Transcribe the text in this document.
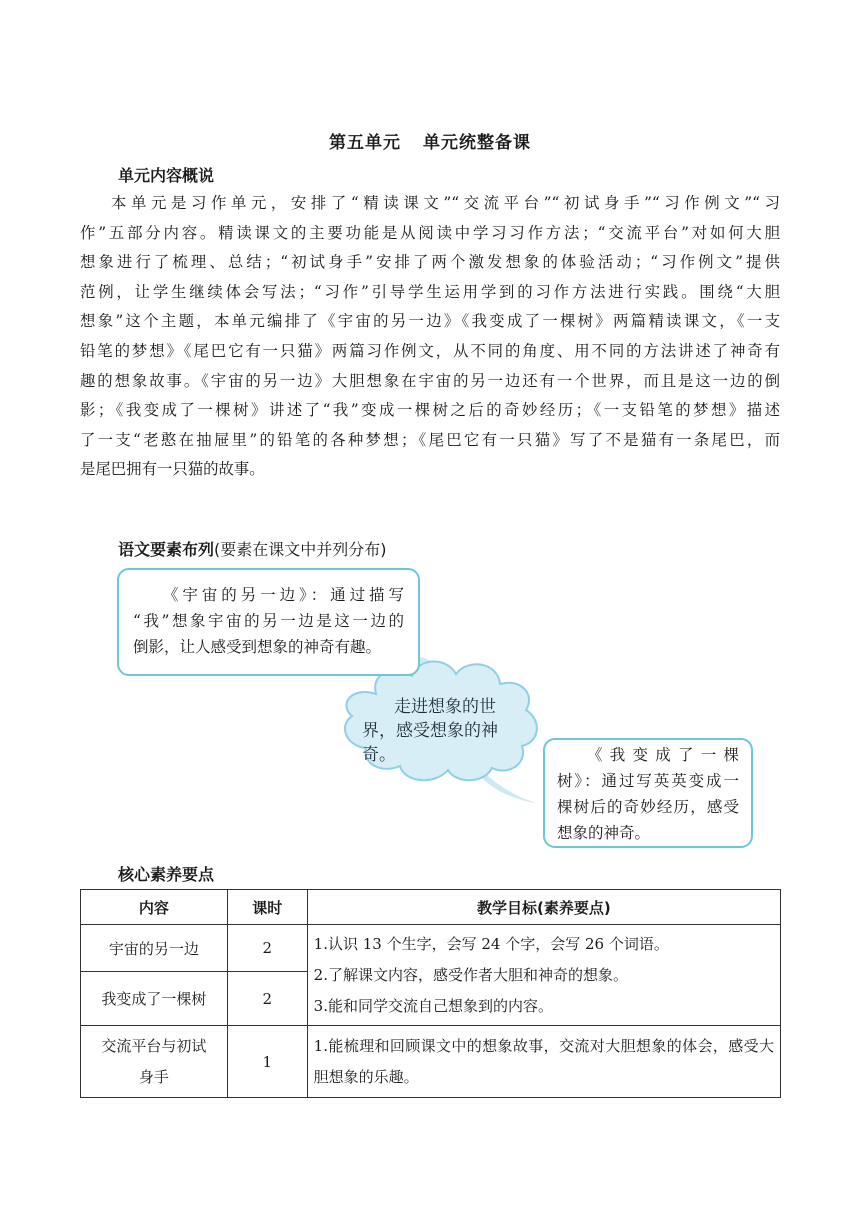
第五单元 单元统整备课
单元内容概说

本单元是习作单元，安排了“精读课文”“交流平台”“初试身手”“习作例文”“习
作”五部分内容。精读课文的主要功能是从阅读中学习习作方法；“交流平台”对如何大胆
想象进行了梳理、总结；“初试身手”安排了两个激发想象的体验活动；“习作例文”提供
范例，让学生继续体会写法；“习作”引导学生运用学到的习作方法进行实践。围绕“大胆
想象”这个主题，本单元编排了《宇宙的另一边》《我变成了一棵树》两篇精读课文，《一支
铅笔的梦想》《尾巴它有一只猫》两篇习作例文，从不同的角度、用不同的方法讲述了神奇有
趣的想象故事。《宇宙的另一边》大胆想象在宇宙的另一边还有一个世界，而且是这一边的倒
影；《我变成了一棵树》讲述了“我”变成一棵树之后的奇妙经历；《一支铅笔的梦想》描述
了一支“老憨在抽屉里”的铅笔的各种梦想；《尾巴它有一只猫》写了不是猫有一条尾巴，而
是尾巴拥有一只猫的故事。

语文要素布列(要素在课文中并列分布)
《宇宙的另一边》：通过描写
“我”想象宇宙的另一边是这一边的
倒影，让人感受到想象的神奇有趣。
走进想象的世
界，感受想象的神
奇。	《我变成了一棵
树》：通过写英英变成一
棵树后的奇妙经历，感受
想象的神奇。
核心素养要点
内容	课时	教学目标(素养要点)
宇宙的另一边	2	1.认识 13 个生字，会写 24 个字，会写 26 个词语。
2.了解课文内容，感受作者大胆和神奇的想象。
3.能和同学交流自己想象到的内容。

我变成了一棵树	2	

交流平台与初试
身手	1	1.能梳理和回顾课文中的想象故事，交流对大胆想象的体会，感受大胆想象的乐趣。
